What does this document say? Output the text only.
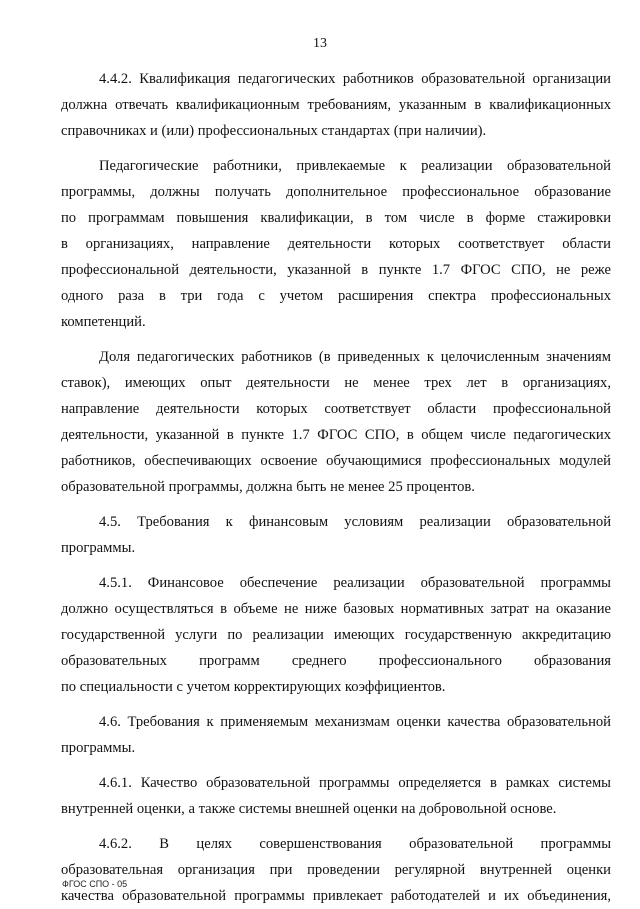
13
4.4.2. Квалификация педагогических работников образовательной организации
должна отвечать квалификационным требованиям, указанным в квалификационных
справочниках и (или) профессиональных стандартах (при наличии).
Педагогические работники, привлекаемые к реализации образовательной
программы, должны получать дополнительное профессиональное образование
по программам повышения квалификации, в том числе в форме стажировки
в организациях, направление деятельности которых соответствует области
профессиональной деятельности, указанной в пункте 1.7 ФГОС СПО, не реже
одного раза в три года с учетом расширения спектра профессиональных
компетенций.
Доля педагогических работников (в приведенных к целочисленным значениям
ставок), имеющих опыт деятельности не менее трех лет в организациях,
направление деятельности которых соответствует области профессиональной
деятельности, указанной в пункте 1.7 ФГОС СПО, в общем числе педагогических
работников, обеспечивающих освоение обучающимися профессиональных модулей
образовательной программы, должна быть не менее 25 процентов.
4.5. Требования к финансовым условиям реализации образовательной
программы.
4.5.1. Финансовое обеспечение реализации образовательной программы
должно осуществляться в объеме не ниже базовых нормативных затрат на оказание
государственной услуги по реализации имеющих государственную аккредитацию
образовательных программ среднего профессионального образования
по специальности с учетом корректирующих коэффициентов.
4.6. Требования к применяемым механизмам оценки качества образовательной
программы.
4.6.1. Качество образовательной программы определяется в рамках системы
внутренней оценки, а также системы внешней оценки на добровольной основе.
4.6.2. В целях совершенствования образовательной программы
образовательная организация при проведении регулярной внутренней оценки
качества образовательной программы привлекает работодателей и их объединения,
ФГОС СПО - 05
